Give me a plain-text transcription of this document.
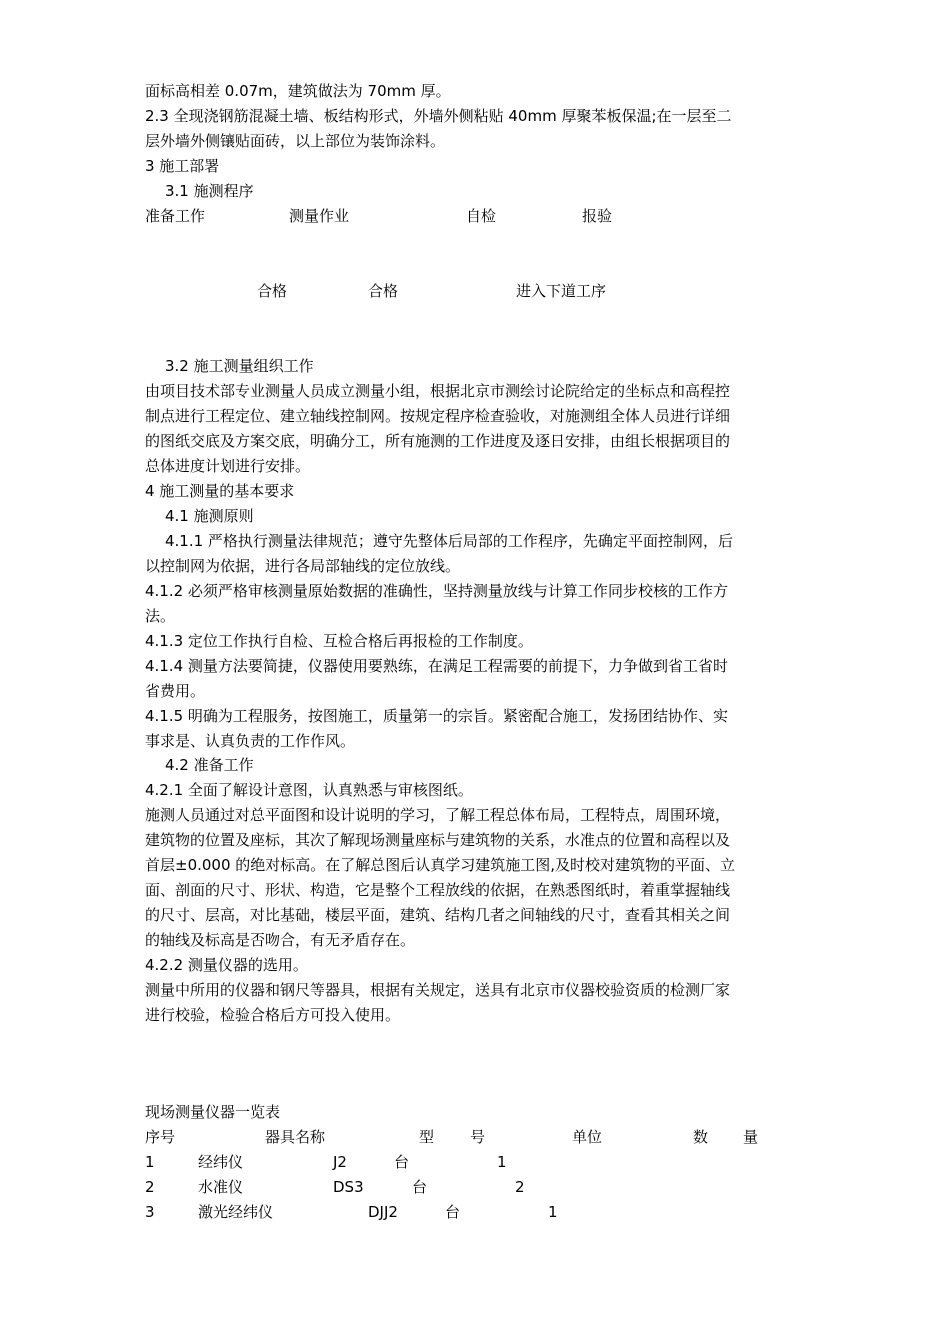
面标高相差 0.07m，建筑做法为 70mm 厚。
2.3 全现浇钢筋混凝土墙、板结构形式，外墙外侧粘贴 40mm 厚聚苯板保温;在一层至二
层外墙外侧镶贴面砖，以上部位为装饰涂料。
3 施工部署
3.1 施测程序
准备工作	测量作业	自检	报验
合格	合格	进入下道工序
3.2 施工测量组织工作
由项目技术部专业测量人员成立测量小组，根据北京市测绘讨论院给定的坐标点和高程控
制点进行工程定位、建立轴线控制网。按规定程序检查验收，对施测组全体人员进行详细
的图纸交底及方案交底，明确分工，所有施测的工作进度及逐日安排，由组长根据项目的
总体进度计划进行安排。
4 施工测量的基本要求
4.1 施测原则
4.1.1 严格执行测量法律规范；遵守先整体后局部的工作程序，先确定平面控制网，后
以控制网为依据，进行各局部轴线的定位放线。
4.1.2 必须严格审核测量原始数据的准确性，坚持测量放线与计算工作同步校核的工作方
法。
4.1.3 定位工作执行自检、互检合格后再报检的工作制度。
4.1.4 测量方法要简捷，仪器使用要熟练，在满足工程需要的前提下，力争做到省工省时
省费用。
4.1.5 明确为工程服务，按图施工，质量第一的宗旨。紧密配合施工，发扬团结协作、实
事求是、认真负责的工作作风。
4.2 准备工作
4.2.1 全面了解设计意图，认真熟悉与审核图纸。
施测人员通过对总平面图和设计说明的学习，了解工程总体布局，工程特点，周围环境，
建筑物的位置及座标，其次了解现场测量座标与建筑物的关系，水准点的位置和高程以及
首层±0.000 的绝对标高。在了解总图后认真学习建筑施工图,及时校对建筑物的平面、立
面、剖面的尺寸、形状、构造，它是整个工程放线的依据，在熟悉图纸时，着重掌握轴线
的尺寸、层高，对比基础，楼层平面，建筑、结构几者之间轴线的尺寸，查看其相关之间
的轴线及标高是否吻合，有无矛盾存在。
4.2.2 测量仪器的选用。
测量中所用的仪器和钢尺等器具，根据有关规定，送具有北京市仪器校验资质的检测厂家
进行校验，检验合格后方可投入使用。
现场测量仪器一览表
序号	器具名称	型 号	单位	数 量
1	经纬仪	J2	台	1
2	水准仪	DS3	台	2
3	激光经纬仪	DJJ2	台	1
